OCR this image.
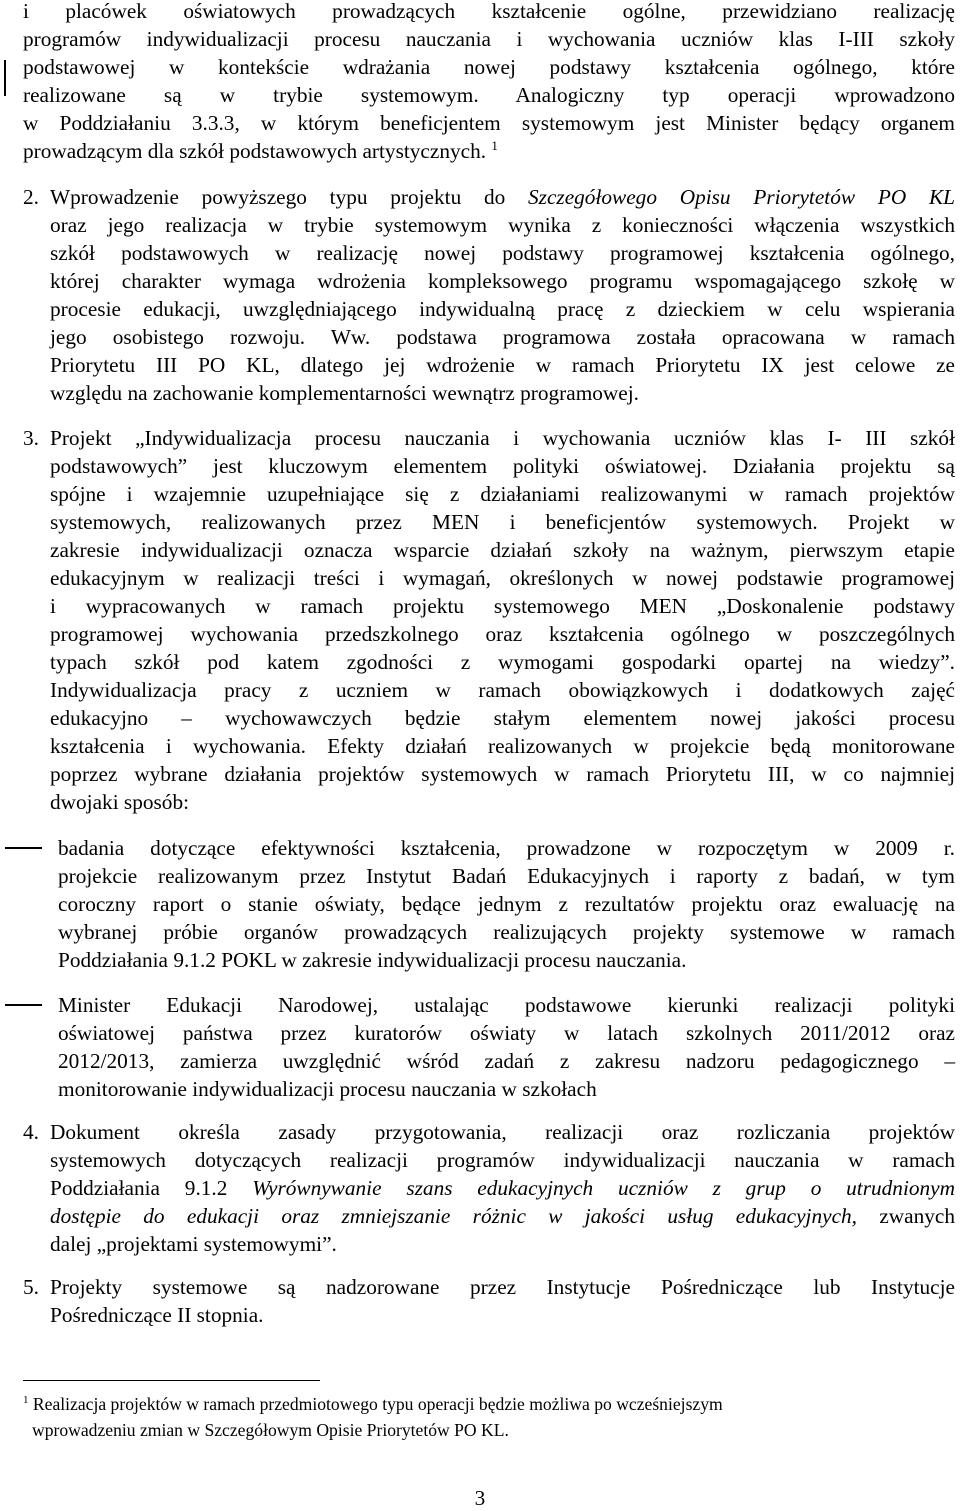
i placówek oświatowych prowadzących kształcenie ogólne, przewidziano realizację
programów indywidualizacji procesu nauczania i wychowania uczniów klas I-III szkoły
podstawowej w kontekście wdrażania nowej podstawy kształcenia ogólnego, które
realizowane są w trybie systemowym. Analogiczny typ operacji wprowadzono
w Poddziałaniu 3.3.3, w którym beneficjentem systemowym jest Minister będący organem
prowadzącym dla szkół podstawowych artystycznych. $^1$
2. Wprowadzenie powyższego typu projektu do Szczegółowego Opisu Priorytetów PO KL
oraz jego realizacja w trybie systemowym wynika z konieczności włączenia wszystkich
szkół podstawowych w realizację nowej podstawy programowej kształcenia ogólnego,
której charakter wymaga wdrożenia kompleksowego programu wspomagającego szkołę w
procesie edukacji, uwzględniającego indywidualną pracę z dzieckiem w celu wspierania
jego osobistego rozwoju. Ww. podstawa programowa została opracowana w ramach
Priorytetu III PO KL, dlatego jej wdrożenie w ramach Priorytetu IX jest celowe ze
względu na zachowanie komplementarności wewnątrz programowej.
3. Projekt „Indywidualizacja procesu nauczania i wychowania uczniów klas I- III szkół
podstawowych” jest kluczowym elementem polityki oświatowej. Działania projektu są
spójne i wzajemnie uzupełniające się z działaniami realizowanymi w ramach projektów
systemowych, realizowanych przez MEN i beneficjentów systemowych. Projekt w
zakresie indywidualizacji oznacza wsparcie działań szkoły na ważnym, pierwszym etapie
edukacyjnym w realizacji treści i wymagań, określonych w nowej podstawie programowej
i wypracowanych w ramach projektu systemowego MEN „Doskonalenie podstawy
programowej wychowania przedszkolnego oraz kształcenia ogólnego w poszczególnych
typach szkół pod katem zgodności z wymogami gospodarki opartej na wiedzy”.
Indywidualizacja pracy z uczniem w ramach obowiązkowych i dodatkowych zajęć
edukacyjno – wychowawczych będzie stałym elementem nowej jakości procesu
kształcenia i wychowania. Efekty działań realizowanych w projekcie będą monitorowane
poprzez wybrane działania projektów systemowych w ramach Priorytetu III, w co najmniej
dwojaki sposób:
badania dotyczące efektywności kształcenia, prowadzone w rozpoczętym w 2009 r.
projekcie realizowanym przez Instytut Badań Edukacyjnych i raporty z badań, w tym
coroczny raport o stanie oświaty, będące jednym z rezultatów projektu oraz ewaluację na
wybranej próbie organów prowadzących realizujących projekty systemowe w ramach
Poddziałania 9.1.2 POKL w zakresie indywidualizacji procesu nauczania.
Minister Edukacji Narodowej, ustalając podstawowe kierunki realizacji polityki
oświatowej państwa przez kuratorów oświaty w latach szkolnych 2011/2012 oraz
2012/2013, zamierza uwzględnić wśród zadań z zakresu nadzoru pedagogicznego –
monitorowanie indywidualizacji procesu nauczania w szkołach
4. Dokument określa zasady przygotowania, realizacji oraz rozliczania projektów
systemowych dotyczących realizacji programów indywidualizacji nauczania w ramach
Poddziałania 9.1.2 Wyrównywanie szans edukacyjnych uczniów z grup o utrudnionym
dostępie do edukacji oraz zmniejszanie różnic w jakości usług edukacyjnych, zwanych
dalej „projektami systemowymi”.
5. Projekty systemowe są nadzorowane przez Instytucje Pośredniczące lub Instytucje
Pośredniczące II stopnia.
$^1$ Realizacja projektów w ramach przedmiotowego typu operacji będzie możliwa po wcześniejszym
wprowadzeniu zmian w Szczegółowym Opisie Priorytetów PO KL.
3
